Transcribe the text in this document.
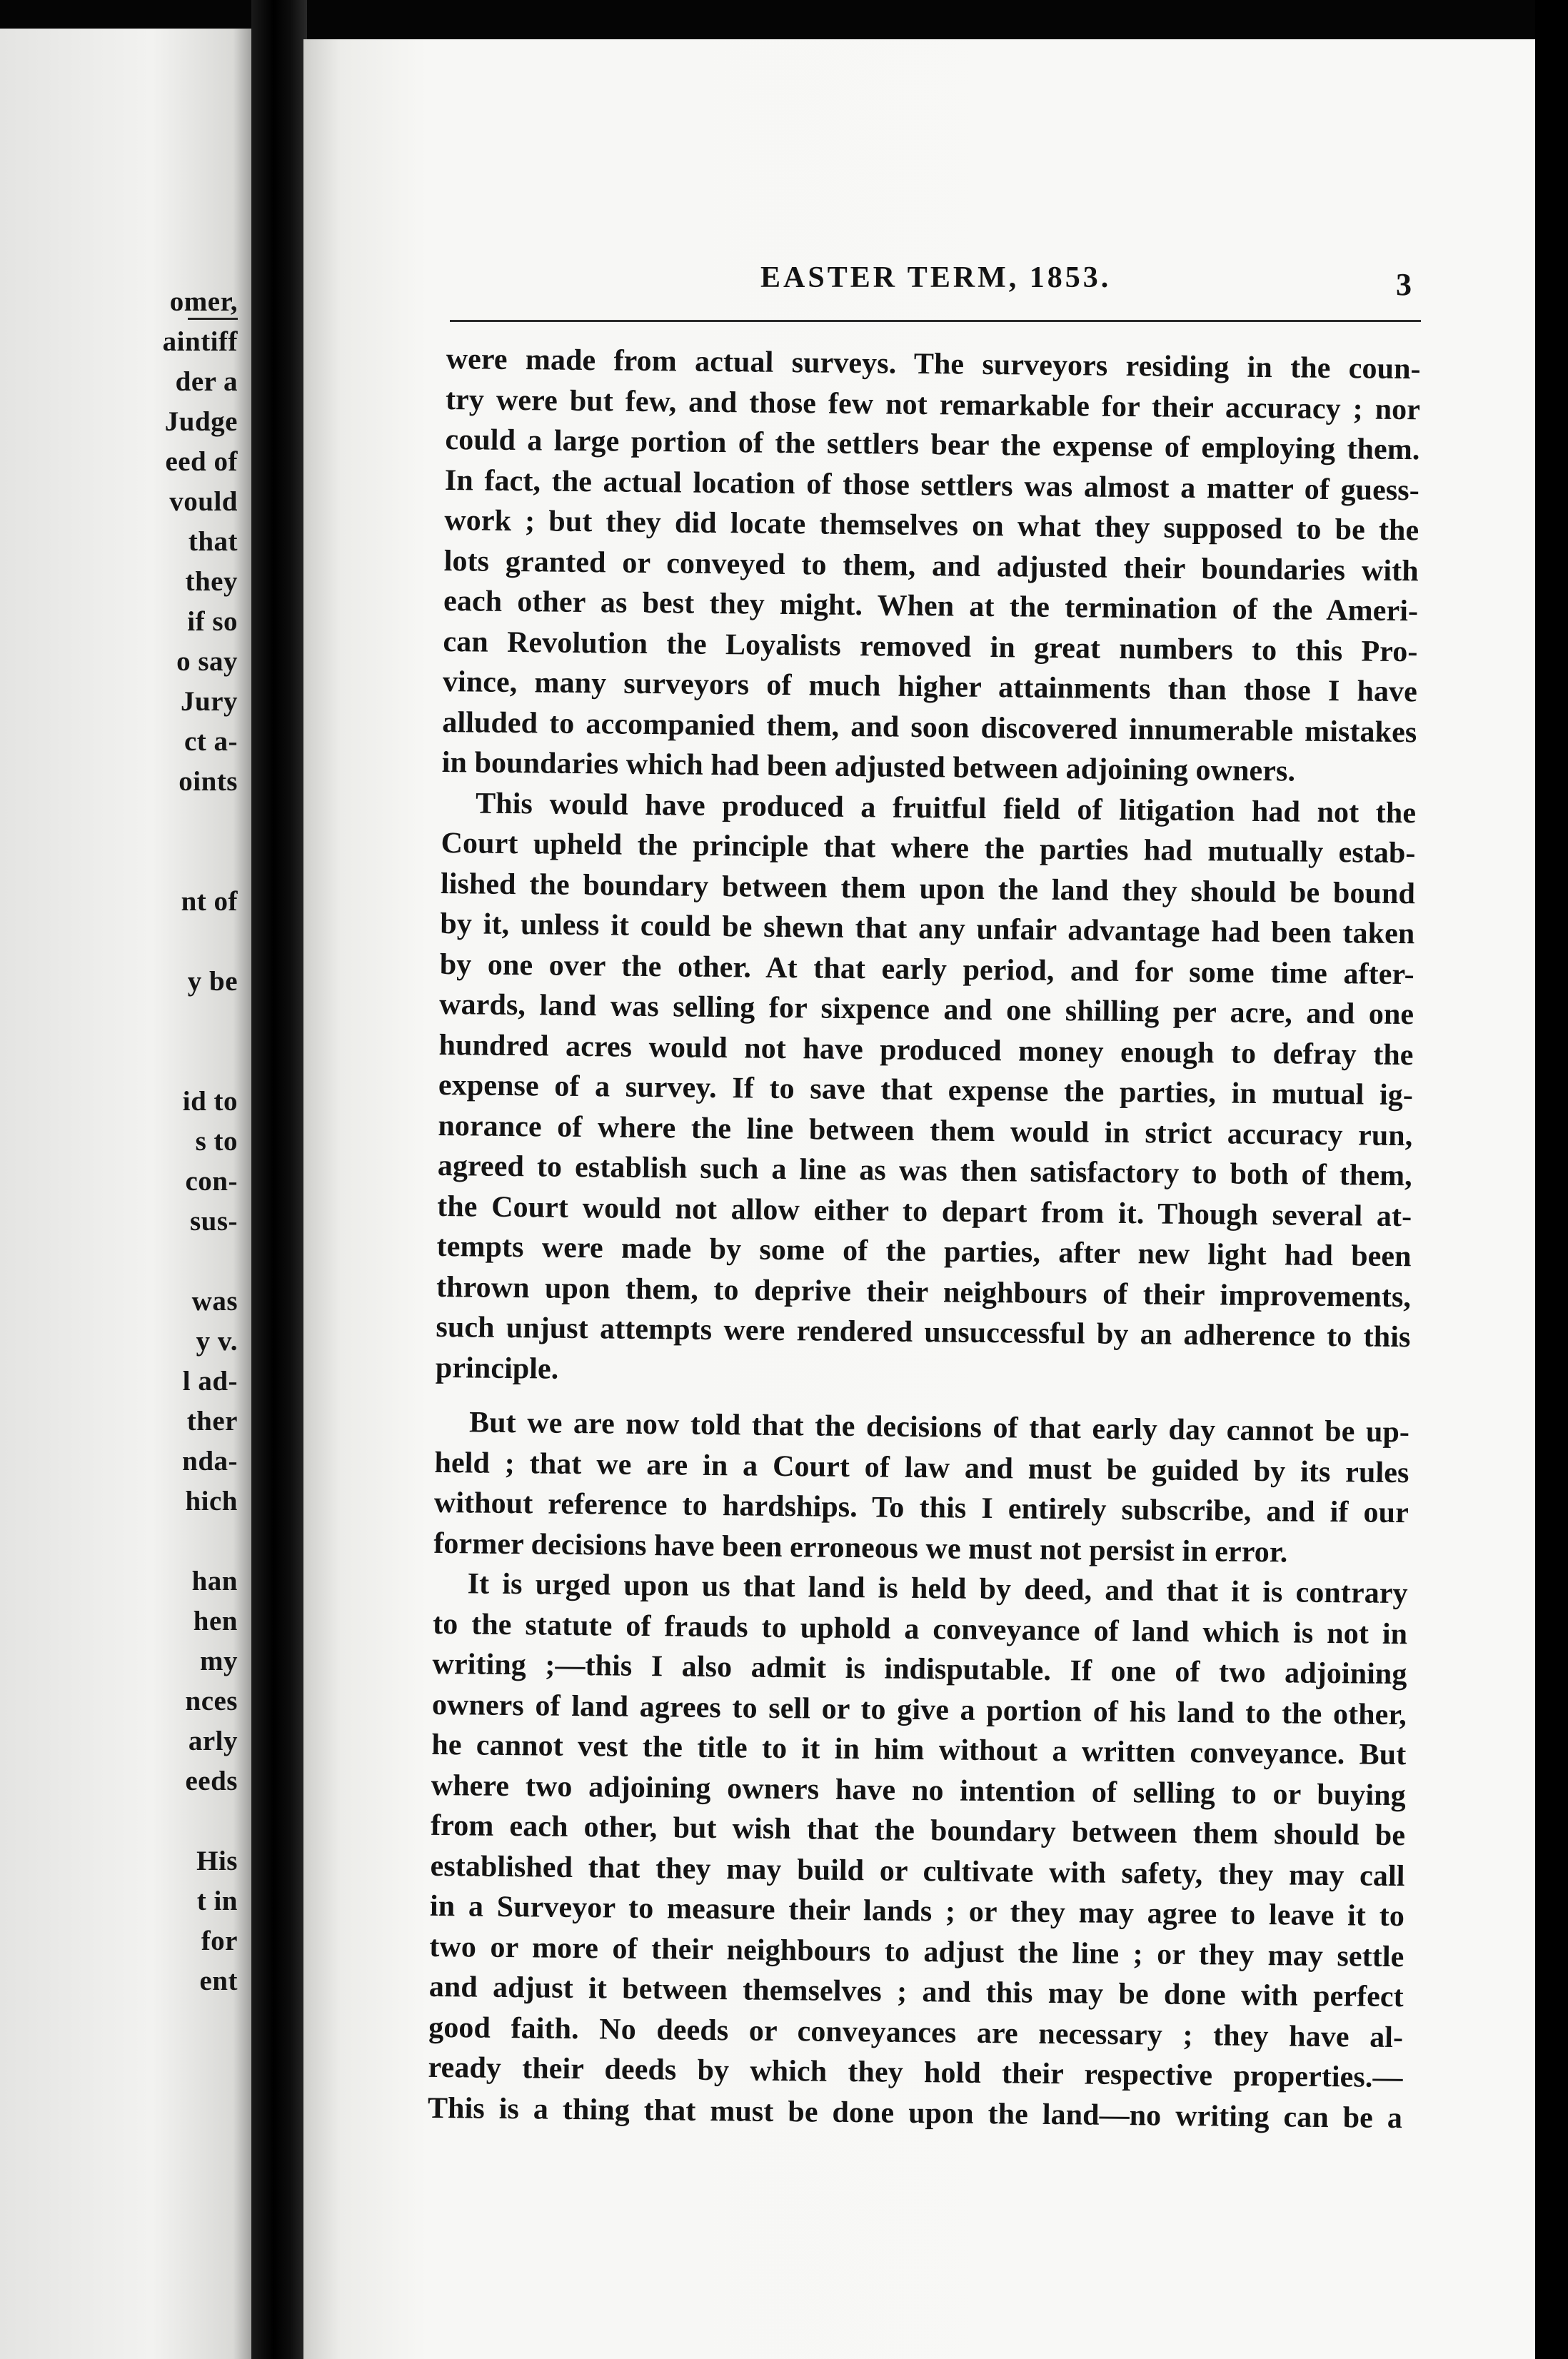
omer,
aintiff
der a
Judge
eed of
vould
that
they
if so
o say
Jury
ct a-
oints
nt of
y be
id to
s to
con-
sus-
was
y v.
l ad-
ther
nda-
hich
han
hen
my
nces
arly
eeds
His
t in
for
ent
EASTER TERM, 1853.	3
were made from actual surveys. The surveyors residing in the coun-
try were but few, and those few not remarkable for their accuracy ; nor
could a large portion of the settlers bear the expense of employing them.
In fact, the actual location of those settlers was almost a matter of guess-
work ; but they did locate themselves on what they supposed to be the
lots granted or conveyed to them, and adjusted their boundaries with
each other as best they might. When at the termination of the Ameri-
can Revolution the Loyalists removed in great numbers to this Pro-
vince, many surveyors of much higher attainments than those I have
alluded to accompanied them, and soon discovered innumerable mistakes
in boundaries which had been adjusted between adjoining owners.
This would have produced a fruitful field of litigation had not the
Court upheld the principle that where the parties had mutually estab-
lished the boundary between them upon the land they should be bound
by it, unless it could be shewn that any unfair advantage had been taken
by one over the other. At that early period, and for some time after-
wards, land was selling for sixpence and one shilling per acre, and one
hundred acres would not have produced money enough to defray the
expense of a survey. If to save that expense the parties, in mutual ig-
norance of where the line between them would in strict accuracy run,
agreed to establish such a line as was then satisfactory to both of them,
the Court would not allow either to depart from it. Though several at-
tempts were made by some of the parties, after new light had been
thrown upon them, to deprive their neighbours of their improvements,
such unjust attempts were rendered unsuccessful by an adherence to this
principle.
But we are now told that the decisions of that early day cannot be up-
held ; that we are in a Court of law and must be guided by its rules
without reference to hardships. To this I entirely subscribe, and if our
former decisions have been erroneous we must not persist in error.
It is urged upon us that land is held by deed, and that it is contrary
to the statute of frauds to uphold a conveyance of land which is not in
writing ;—this I also admit is indisputable. If one of two adjoining
owners of land agrees to sell or to give a portion of his land to the other,
he cannot vest the title to it in him without a written conveyance. But
where two adjoining owners have no intention of selling to or buying
from each other, but wish that the boundary between them should be
established that they may build or cultivate with safety, they may call
in a Surveyor to measure their lands ; or they may agree to leave it to
two or more of their neighbours to adjust the line ; or they may settle
and adjust it between themselves ; and this may be done with perfect
good faith. No deeds or conveyances are necessary ; they have al-
ready their deeds by which they hold their respective properties.—
This is a thing that must be done upon the land—no writing can be a
